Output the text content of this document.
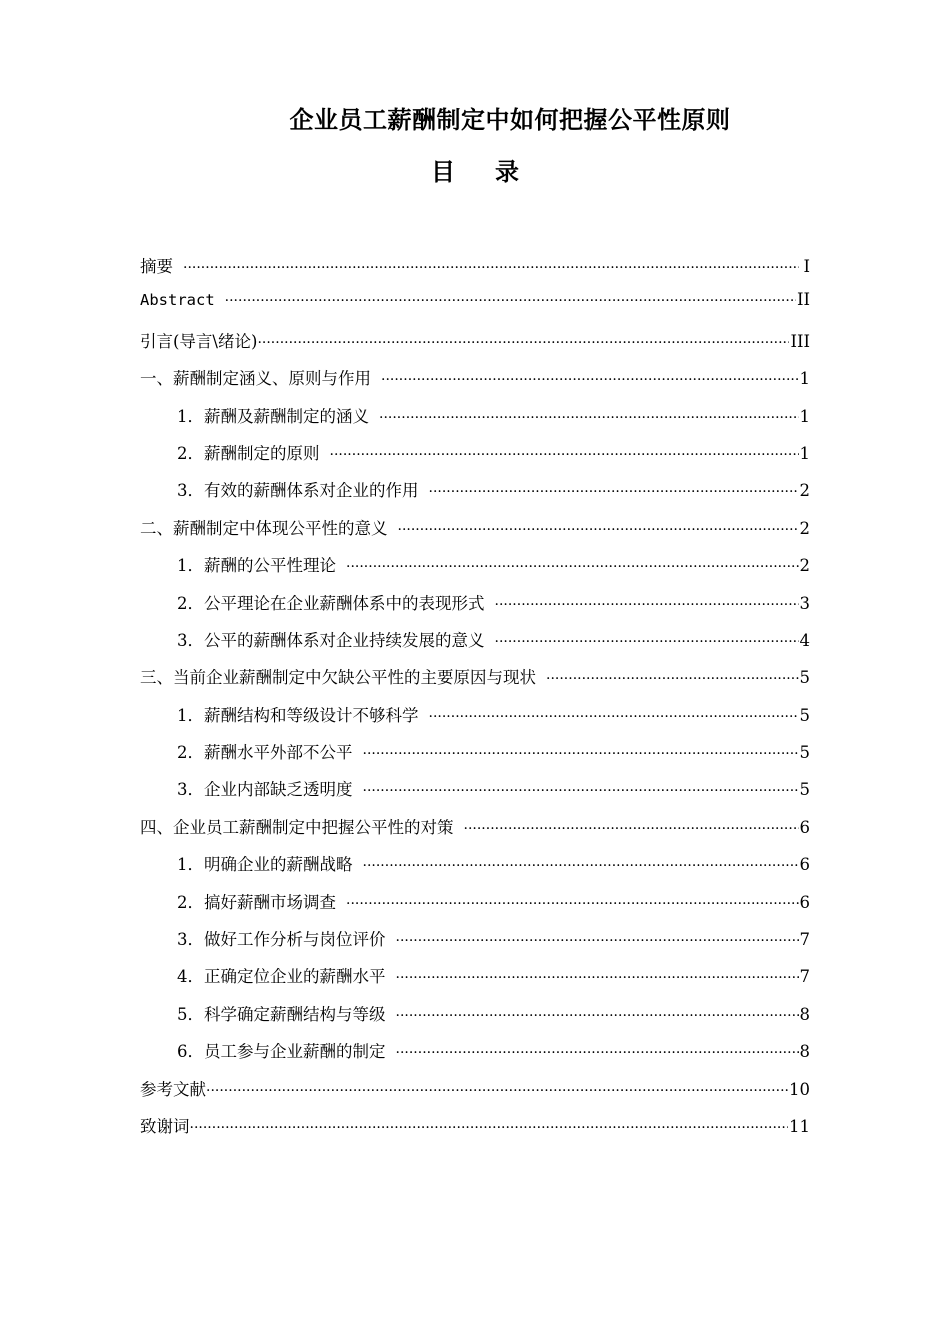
企业员工薪酬制定中如何把握公平性原则
目录
摘要 ·····	I
Abstract ·····	II
引言(导言\绪论) ·····	III
一、薪酬制定涵义、原则与作用 ·····	1
1．薪酬及薪酬制定的涵义 ·····	1
2．薪酬制定的原则 ·····	1
3．有效的薪酬体系对企业的作用 ·····	2
二、薪酬制定中体现公平性的意义 ·····	2
1．薪酬的公平性理论 ·····	2
2．公平理论在企业薪酬体系中的表现形式 ·····	3
3．公平的薪酬体系对企业持续发展的意义 ·····	4
三、当前企业薪酬制定中欠缺公平性的主要原因与现状 ·····	5
1．薪酬结构和等级设计不够科学 ·····	5
2．薪酬水平外部不公平 ·····	5
3．企业内部缺乏透明度 ·····	5
四、企业员工薪酬制定中把握公平性的对策 ·····	6
1．明确企业的薪酬战略 ·····	6
2．搞好薪酬市场调查 ·····	6
3．做好工作分析与岗位评价 ·····	7
4．正确定位企业的薪酬水平 ·····	7
5．科学确定薪酬结构与等级 ·····	8
6．员工参与企业薪酬的制定 ·····	8
参考文献 ·····	10
致谢词 ·····	11
